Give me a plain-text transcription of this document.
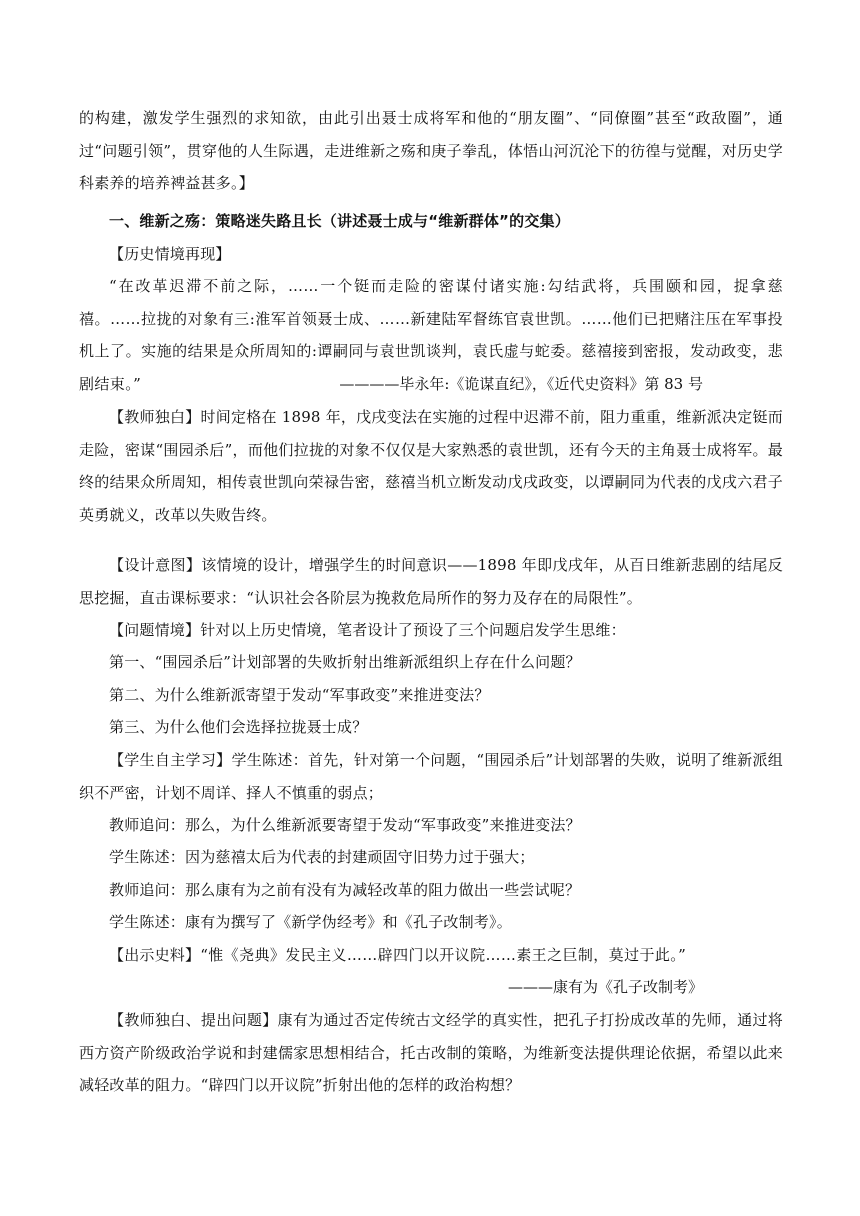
的构建，激发学生强烈的求知欲，由此引出聂士成将军和他的“朋友圈”、“同僚圈”甚至“政敌圈”，通过“问题引领”，贯穿他的人生际遇，走进维新之殇和庚子拳乱，体悟山河沉沦下的彷徨与觉醒，对历史学科素养的培养裨益甚多。】

一、维新之殇：策略迷失路且长（讲述聂士成与“维新群体”的交集）

【历史情境再现】

“在改革迟滞不前之际，……一个铤而走险的密谋付诸实施:勾结武将，兵围颐和园，捉拿慈禧。……拉拢的对象有三:淮军首领聂士成、……新建陆军督练官袁世凯。……他们已把赌注压在军事投机上了。实施的结果是众所周知的:谭嗣同与袁世凯谈判，袁氏虚与蛇委。慈禧接到密报，发动政变，悲剧结束。”	————毕永年:《诡谋直纪》，《近代史资料》第 83 号

【教师独白】时间定格在 1898 年，戊戌变法在实施的过程中迟滞不前，阻力重重，维新派决定铤而走险，密谋“围园杀后”，而他们拉拢的对象不仅仅是大家熟悉的袁世凯，还有今天的主角聂士成将军。最终的结果众所周知，相传袁世凯向荣禄告密，慈禧当机立断发动戊戌政变，以谭嗣同为代表的戊戌六君子英勇就义，改革以失败告终。

【设计意图】该情境的设计，增强学生的时间意识——1898 年即戊戌年，从百日维新悲剧的结尾反思挖掘，直击课标要求：“认识社会各阶层为挽救危局所作的努力及存在的局限性”。

【问题情境】针对以上历史情境，笔者设计了预设了三个问题启发学生思维：

第一、“围园杀后”计划部署的失败折射出维新派组织上存在什么问题？

第二、为什么维新派寄望于发动“军事政变”来推进变法？

第三、为什么他们会选择拉拢聂士成？

【学生自主学习】学生陈述：首先，针对第一个问题，“围园杀后”计划部署的失败，说明了维新派组织不严密，计划不周详、择人不慎重的弱点；

教师追问：那么，为什么维新派要寄望于发动“军事政变”来推进变法？

学生陈述：因为慈禧太后为代表的封建顽固守旧势力过于强大；

教师追问：那么康有为之前有没有为减轻改革的阻力做出一些尝试呢？

学生陈述：康有为撰写了《新学伪经考》和《孔子改制考》。

【出示史料】“惟《尧典》发民主义……辟四门以开议院……素王之巨制，莫过于此。”

———康有为《孔子改制考》

【教师独白、提出问题】康有为通过否定传统古文经学的真实性，把孔子打扮成改革的先师，通过将西方资产阶级政治学说和封建儒家思想相结合，托古改制的策略，为维新变法提供理论依据，希望以此来减轻改革的阻力。“辟四门以开议院”折射出他的怎样的政治构想？
